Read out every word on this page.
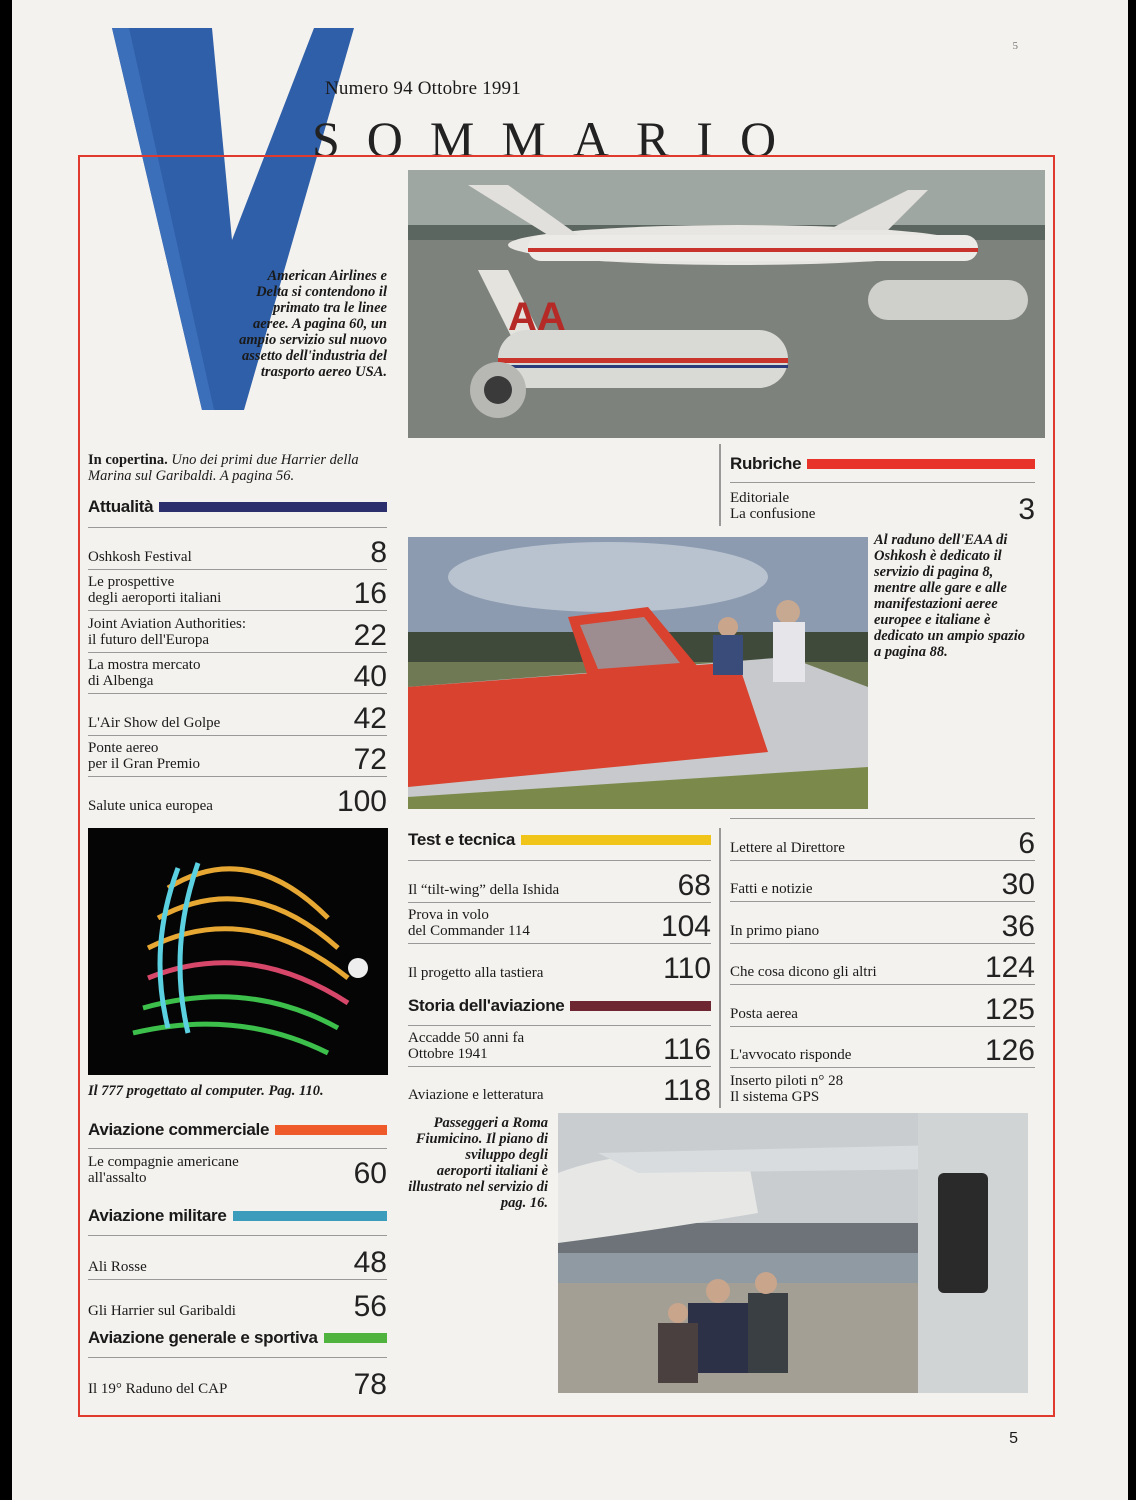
5
Numero 94 Ottobre 1991
SOMMARIO
AA
American Airlines e Delta si contendono il primato tra le linee aeree. A pagina 60, un ampio servizio sul nuovo assetto dell'industria del trasporto aereo USA.
In copertina. Uno dei primi due Harrier della Marina sul Garibaldi. A pagina 56.
Attualità
Oshkosh Festival	8
Le prospettive
degli aeroporti italiani	16
Joint Aviation Authorities:
il futuro dell'Europa	22
La mostra mercato
di Albenga	40
L'Air Show del Golpe	42
Ponte aereo
per il Gran Premio	72
Salute unica europea	100
Rubriche
Editoriale
La confusione	3
Al raduno dell'EAA di Oshkosh è dedicato il servizio di pagina 8, mentre alle gare e alle manifestazioni aeree europee e italiane è dedicato un ampio spazio a pagina 88.
Il 777 progettato al computer. Pag. 110.
Test e tecnica
Il “tilt-wing” della Ishida	68
Prova in volo
del Commander 114	104
Il progetto alla tastiera	110
Storia dell'aviazione
Accadde 50 anni fa
Ottobre 1941	116
Aviazione e letteratura	118
Lettere al Direttore	6
Fatti e notizie	30
In primo piano	36
Che cosa dicono gli altri	124
Posta aerea	125
L'avvocato risponde	126
Inserto piloti n° 28
Il sistema GPS
Passeggeri a Roma Fiumicino. Il piano di sviluppo degli aeroporti italiani è illustrato nel servizio di pag. 16.
Aviazione commerciale
Le compagnie americane
all'assalto	60
Aviazione militare
Ali Rosse	48
Gli Harrier sul Garibaldi	56
Aviazione generale e sportiva
Il 19° Raduno del CAP	78
5
